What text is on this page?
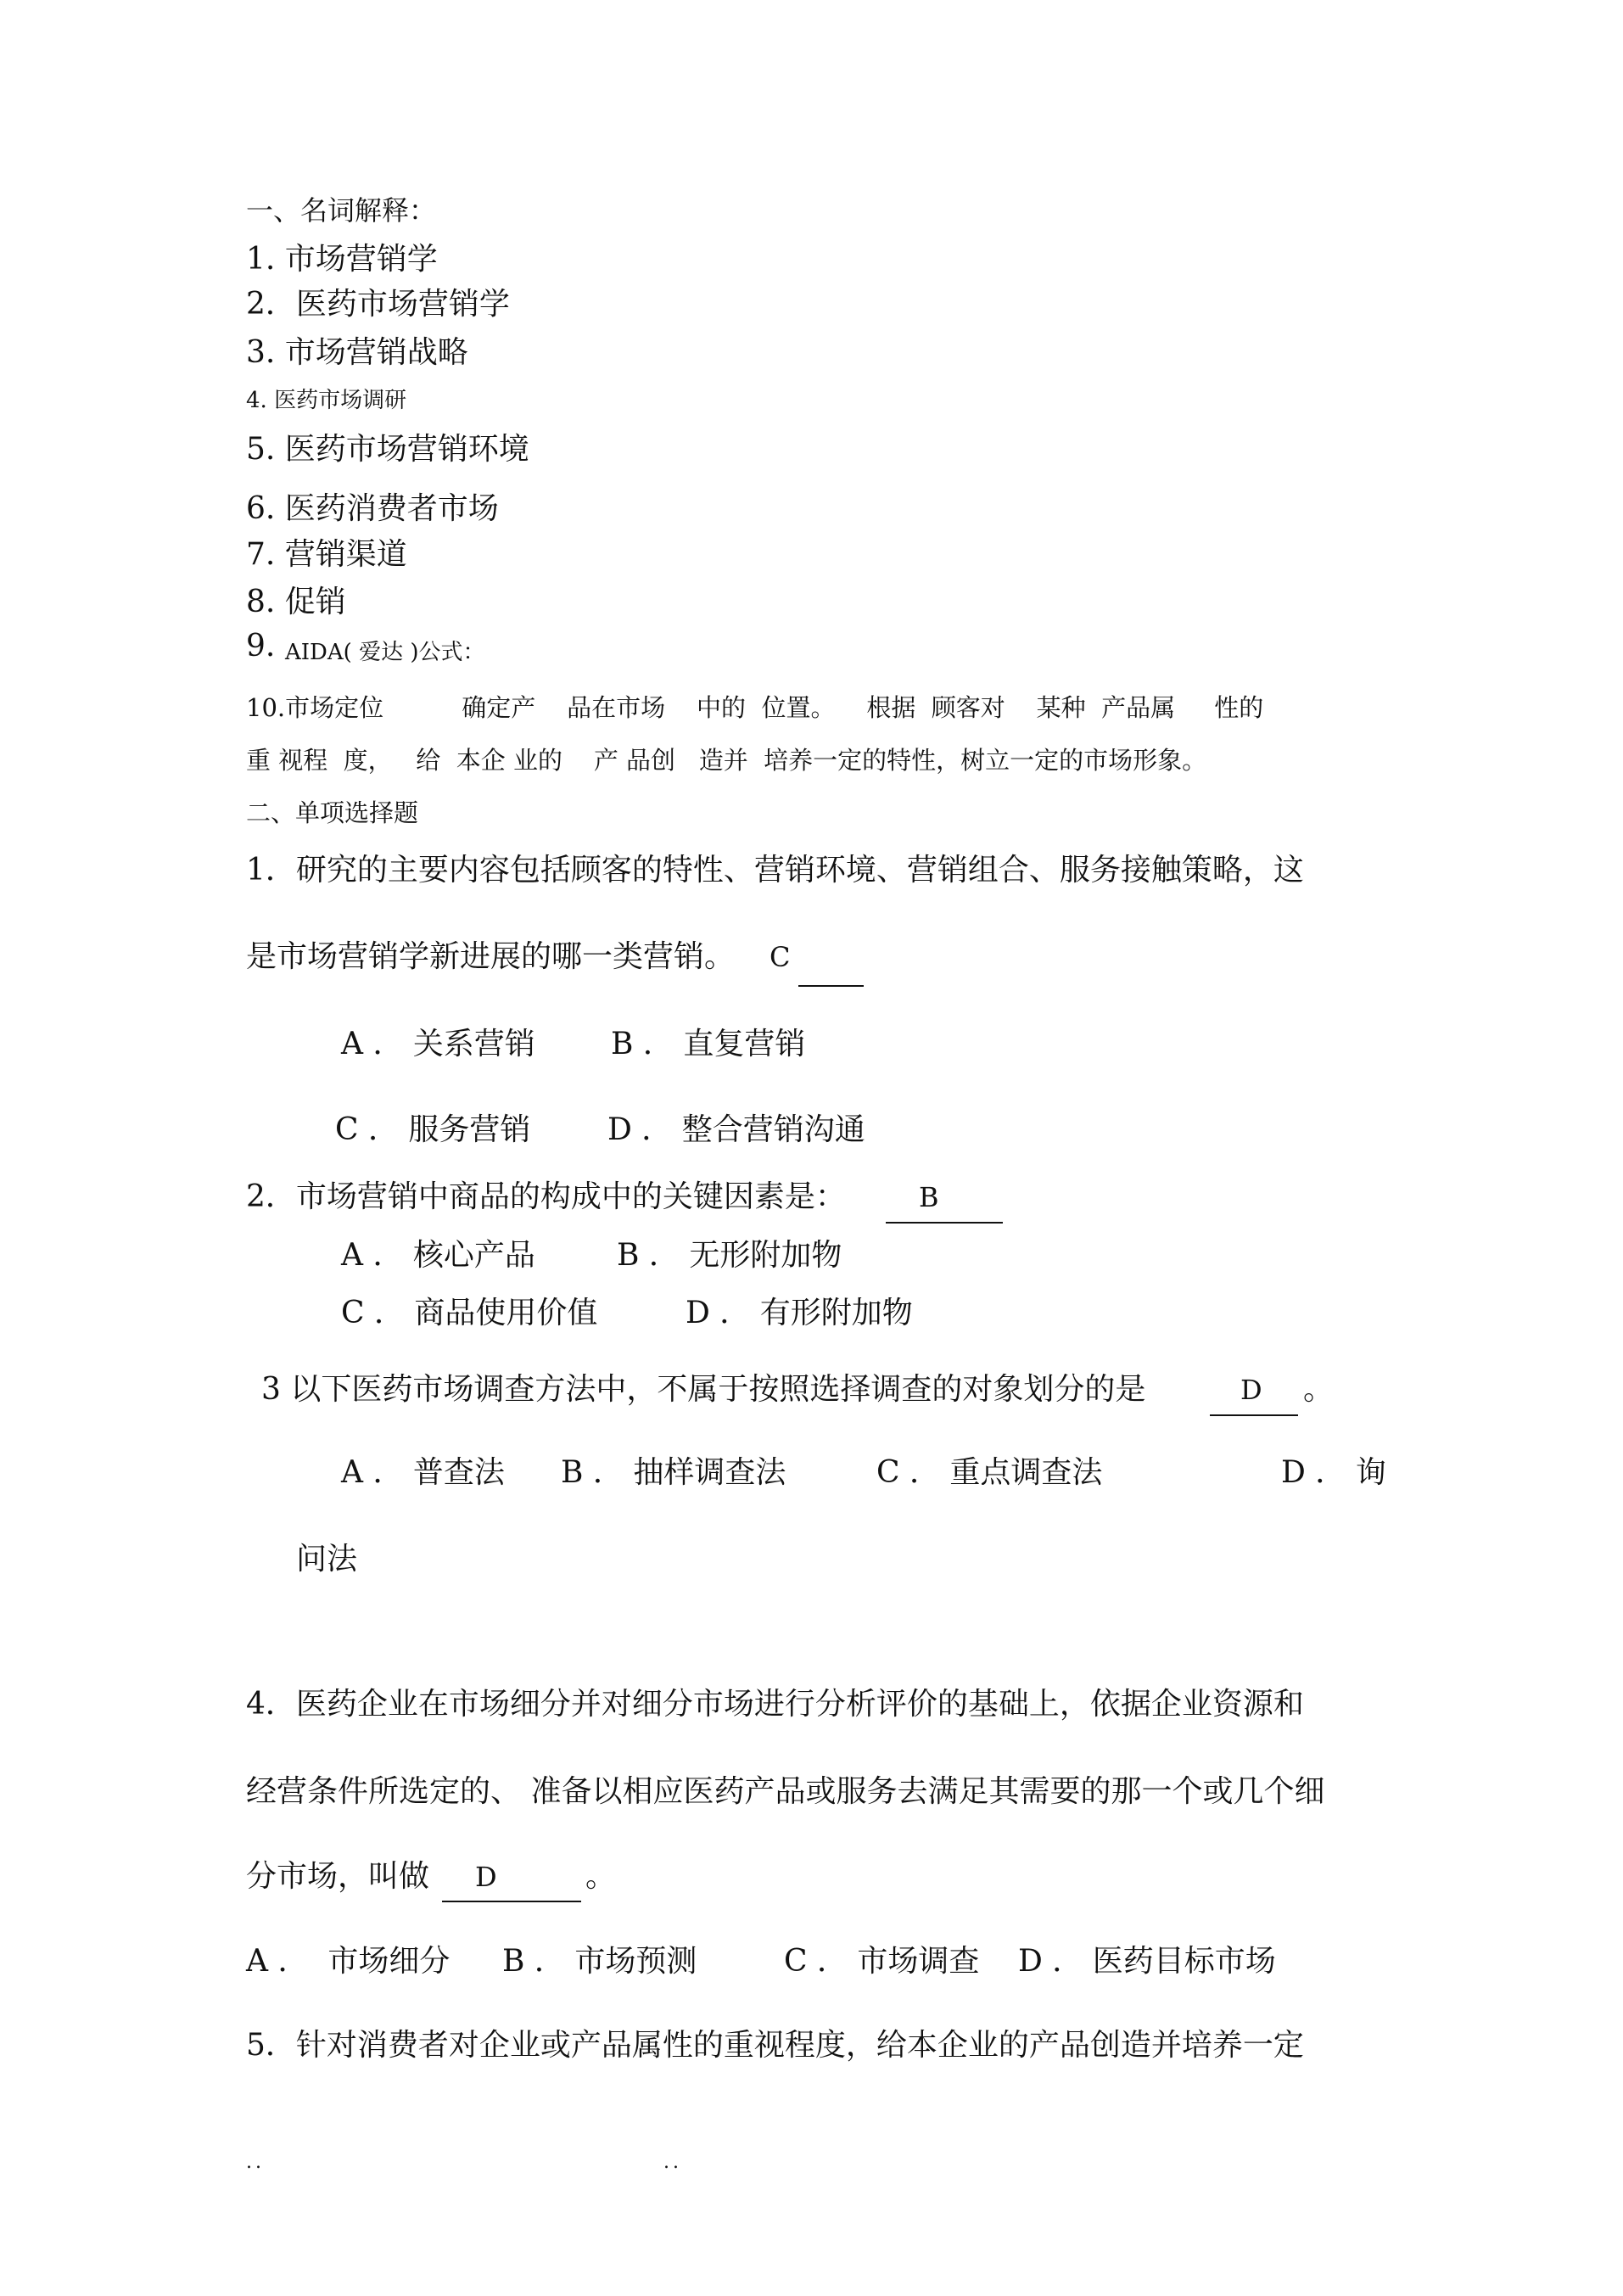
一、名词解释：
1. 市场营销学
2．医药市场营销学
3. 市场营销战略
4. 医药市场调研
5. 医药市场营销环境
6. 医药消费者市场
7. 营销渠道
8. 促销
9. AIDA( 爱达 )公式：
10.市场定位          确定产    品在市场    中的  位置。    根据  顾客对    某种  产品属     性的
重 视程  度，   给  本企 业的    产 品创   造并  培养一定的特性，树立一定的市场形象。
二、单项选择题
1．研究的主要内容包括顾客的特性、营销环境、营销组合、服务接触策略，这
是市场营销学新进展的哪一类营销。 C
A ． 关系营销 B ． 直复营销
C ． 服务营销	D ． 整合营销沟通
2．市场营销中商品的构成中的关键因素是：	B
A ． 核心产品	B ． 无形附加物
C ． 商品使用价值	D ． 有形附加物
3 以下医药市场调查方法中，不属于按照选择调查的对象划分的是	D 。
A ． 普查法 B ． 抽样调查法	C ． 重点调查法	D ． 询
问法
4．医药企业在市场细分并对细分市场进行分析评价的基础上，依据企业资源和
经营条件所选定的、 准备以相应医药产品或服务去满足其需要的那一个或几个细
分市场，叫做 D	。
A ．  市场细分 B ． 市场预测	C ． 市场调查 D ． 医药目标市场
5．针对消费者对企业或产品属性的重视程度，给本企业的产品创造并培养一定
..	..
